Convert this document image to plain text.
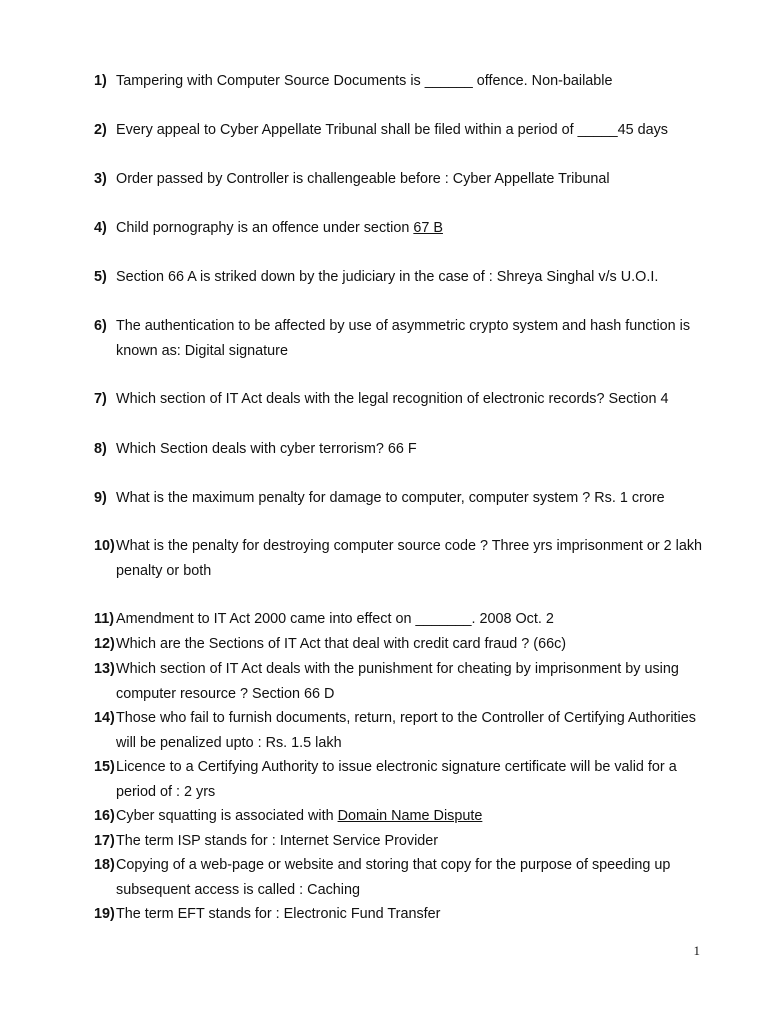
1) Tampering with Computer Source Documents is ______ offence. Non-bailable
2) Every appeal to Cyber Appellate Tribunal shall be filed within a period of _____45 days
3) Order passed by Controller is challengeable before : Cyber Appellate Tribunal
4) Child pornography is an offence under section 67 B
5) Section 66 A is striked down by the judiciary in the case of : Shreya Singhal v/s U.O.I.
6) The authentication to be affected by use of asymmetric crypto system and hash function is known as: Digital signature
7) Which section of IT Act deals with the legal recognition of electronic records? Section 4
8) Which Section deals with cyber terrorism? 66 F
9) What is the maximum penalty for damage to computer, computer system ? Rs. 1 crore
10) What is the penalty for destroying computer source code ? Three yrs imprisonment or 2 lakh penalty or both
11) Amendment to IT Act 2000 came into effect on _______. 2008 Oct. 2
12) Which are the Sections of IT Act that deal with credit card fraud ? (66c)
13) Which section of IT Act deals with the punishment for cheating by imprisonment by using computer resource ? Section 66 D
14) Those who fail to furnish documents, return, report to the Controller of Certifying Authorities will be penalized upto : Rs. 1.5 lakh
15) Licence to a Certifying Authority to issue electronic signature certificate will be valid for a period of : 2 yrs
16) Cyber squatting is associated with Domain Name Dispute
17) The term ISP stands for : Internet Service Provider
18) Copying of a web-page or website and storing that copy for the purpose of speeding up subsequent access is called : Caching
19) The term EFT stands for : Electronic Fund Transfer
1
